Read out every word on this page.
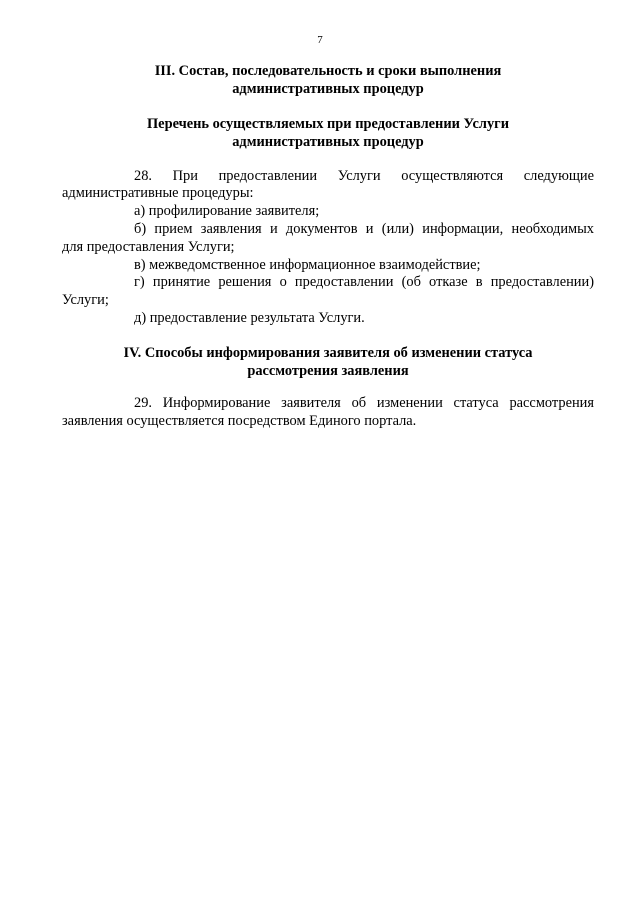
7
III. Состав, последовательность и сроки выполнения
административных процедур
Перечень осуществляемых при предоставлении Услуги
административных процедур
28. При предоставлении Услуги осуществляются следующие
административные процедуры:
а) профилирование заявителя;
б) прием заявления и документов и (или) информации, необходимых
для предоставления Услуги;
в) межведомственное информационное взаимодействие;
г) принятие решения о предоставлении (об отказе в предоставлении)
Услуги;
д) предоставление результата Услуги.
IV. Способы информирования заявителя об изменении статуса
рассмотрения заявления
29. Информирование заявителя об изменении статуса рассмотрения
заявления осуществляется посредством Единого портала.
